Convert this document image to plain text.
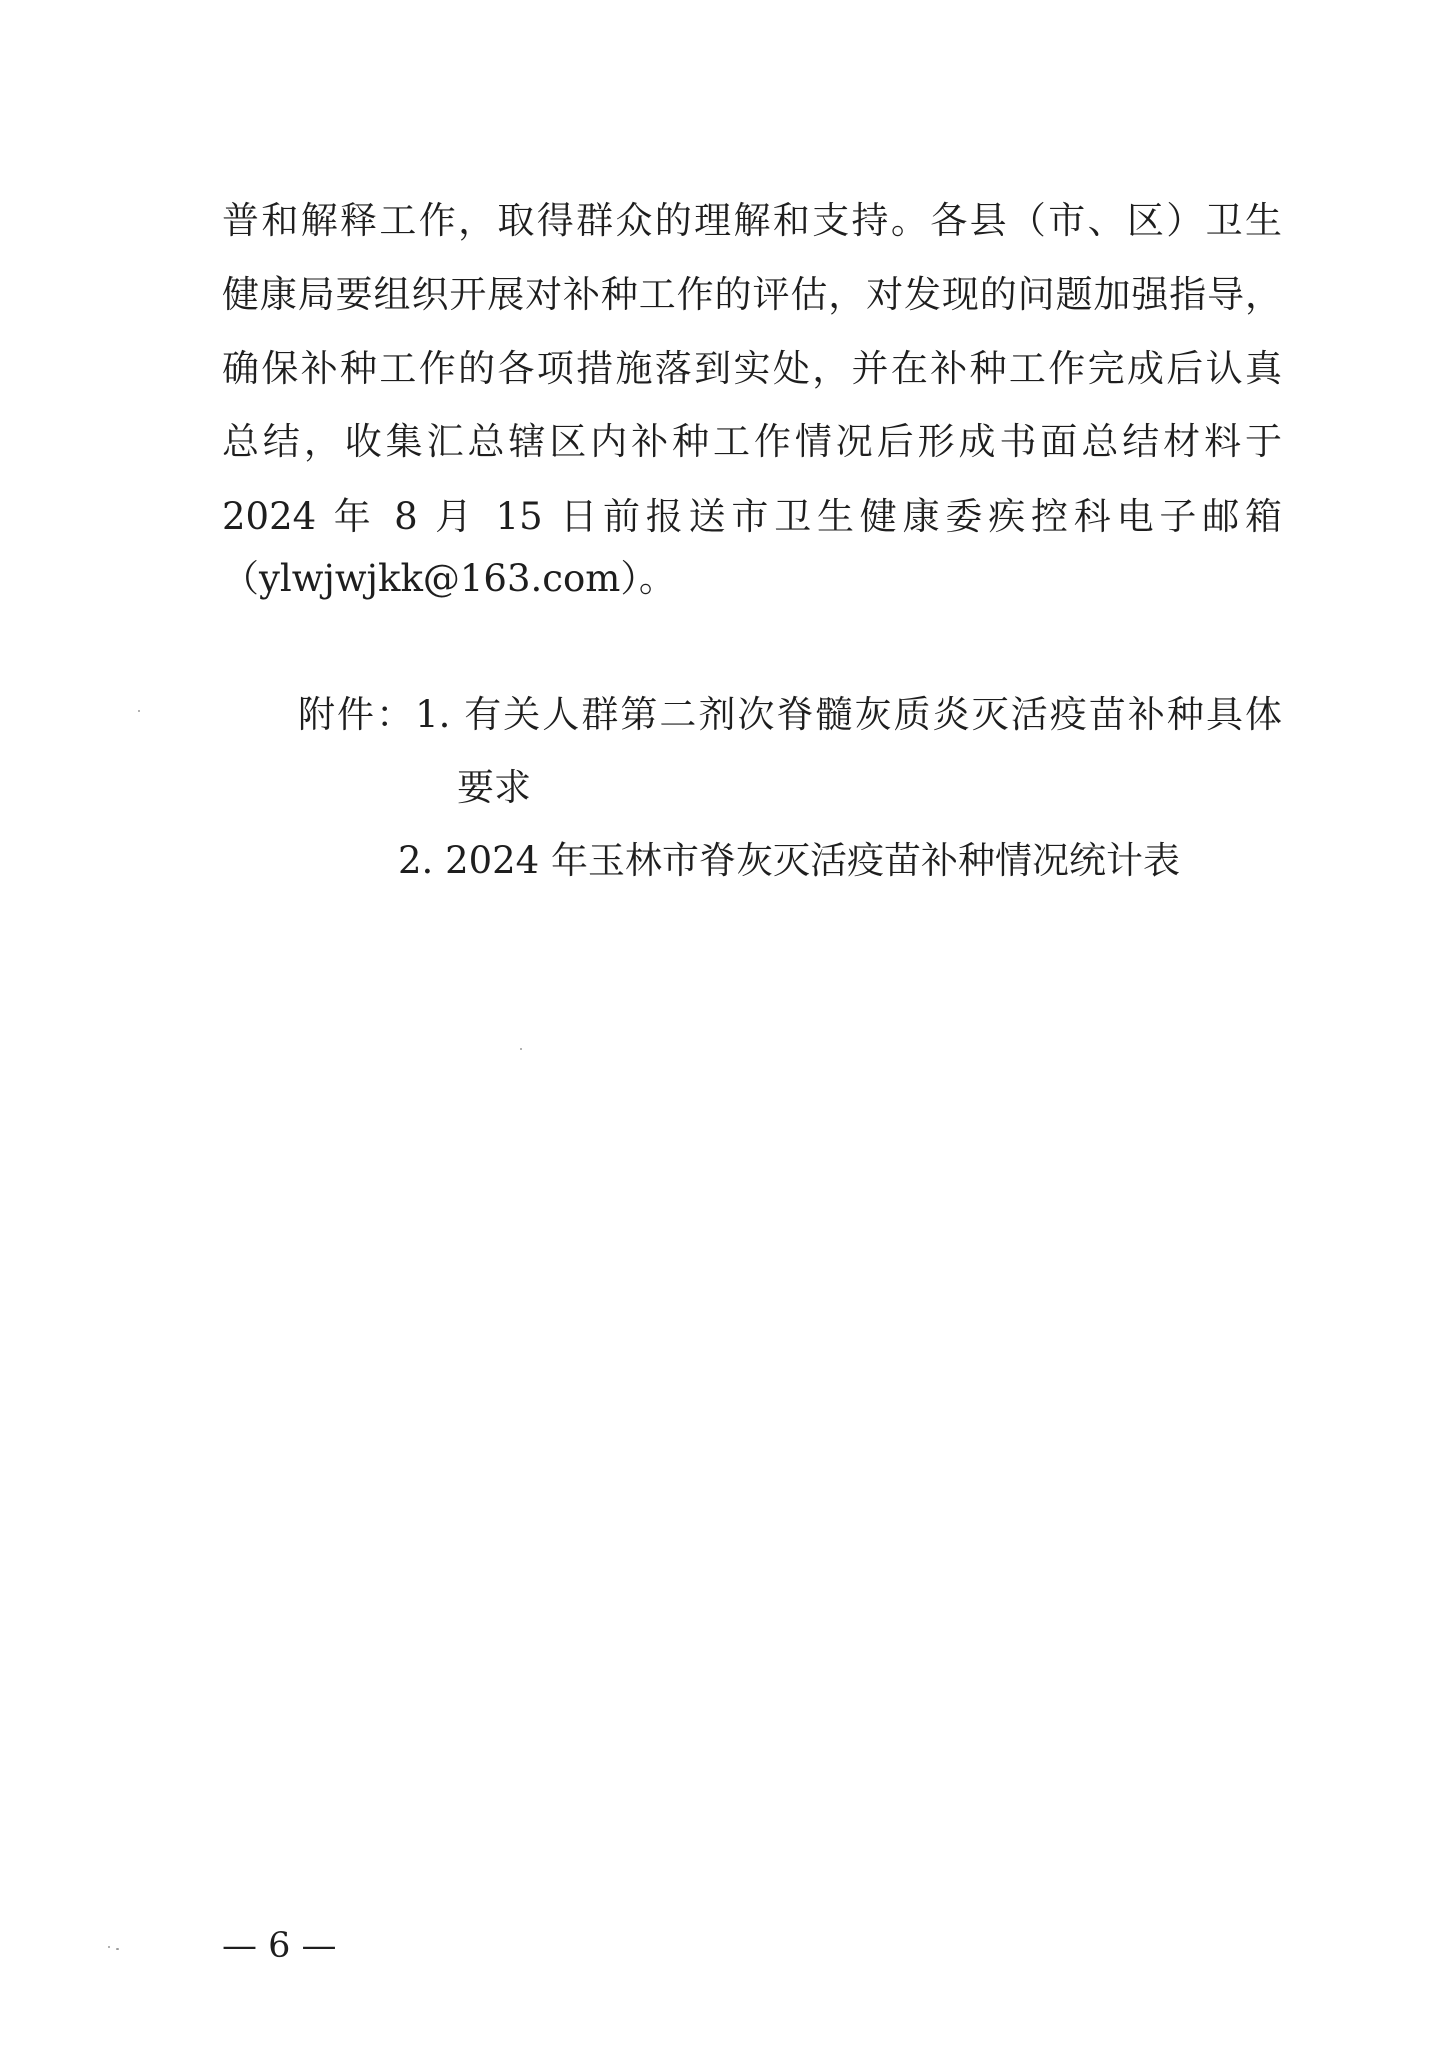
普和解释工作，取得群众的理解和支持。各县（市、区）卫生
健康局要组织开展对补种工作的评估，对发现的问题加强指导，
确保补种工作的各项措施落到实处，并在补种工作完成后认真
总结，收集汇总辖区内补种工作情况后形成书面总结材料于
2024 年 8 月 15 日前报送市卫生健康委疾控科电子邮箱
（ylwjwjkk@163.com）。
附件：1. 有关人群第二剂次脊髓灰质炎灭活疫苗补种具体
要求
2. 2024 年玉林市脊灰灭活疫苗补种情况统计表
— 6 —
